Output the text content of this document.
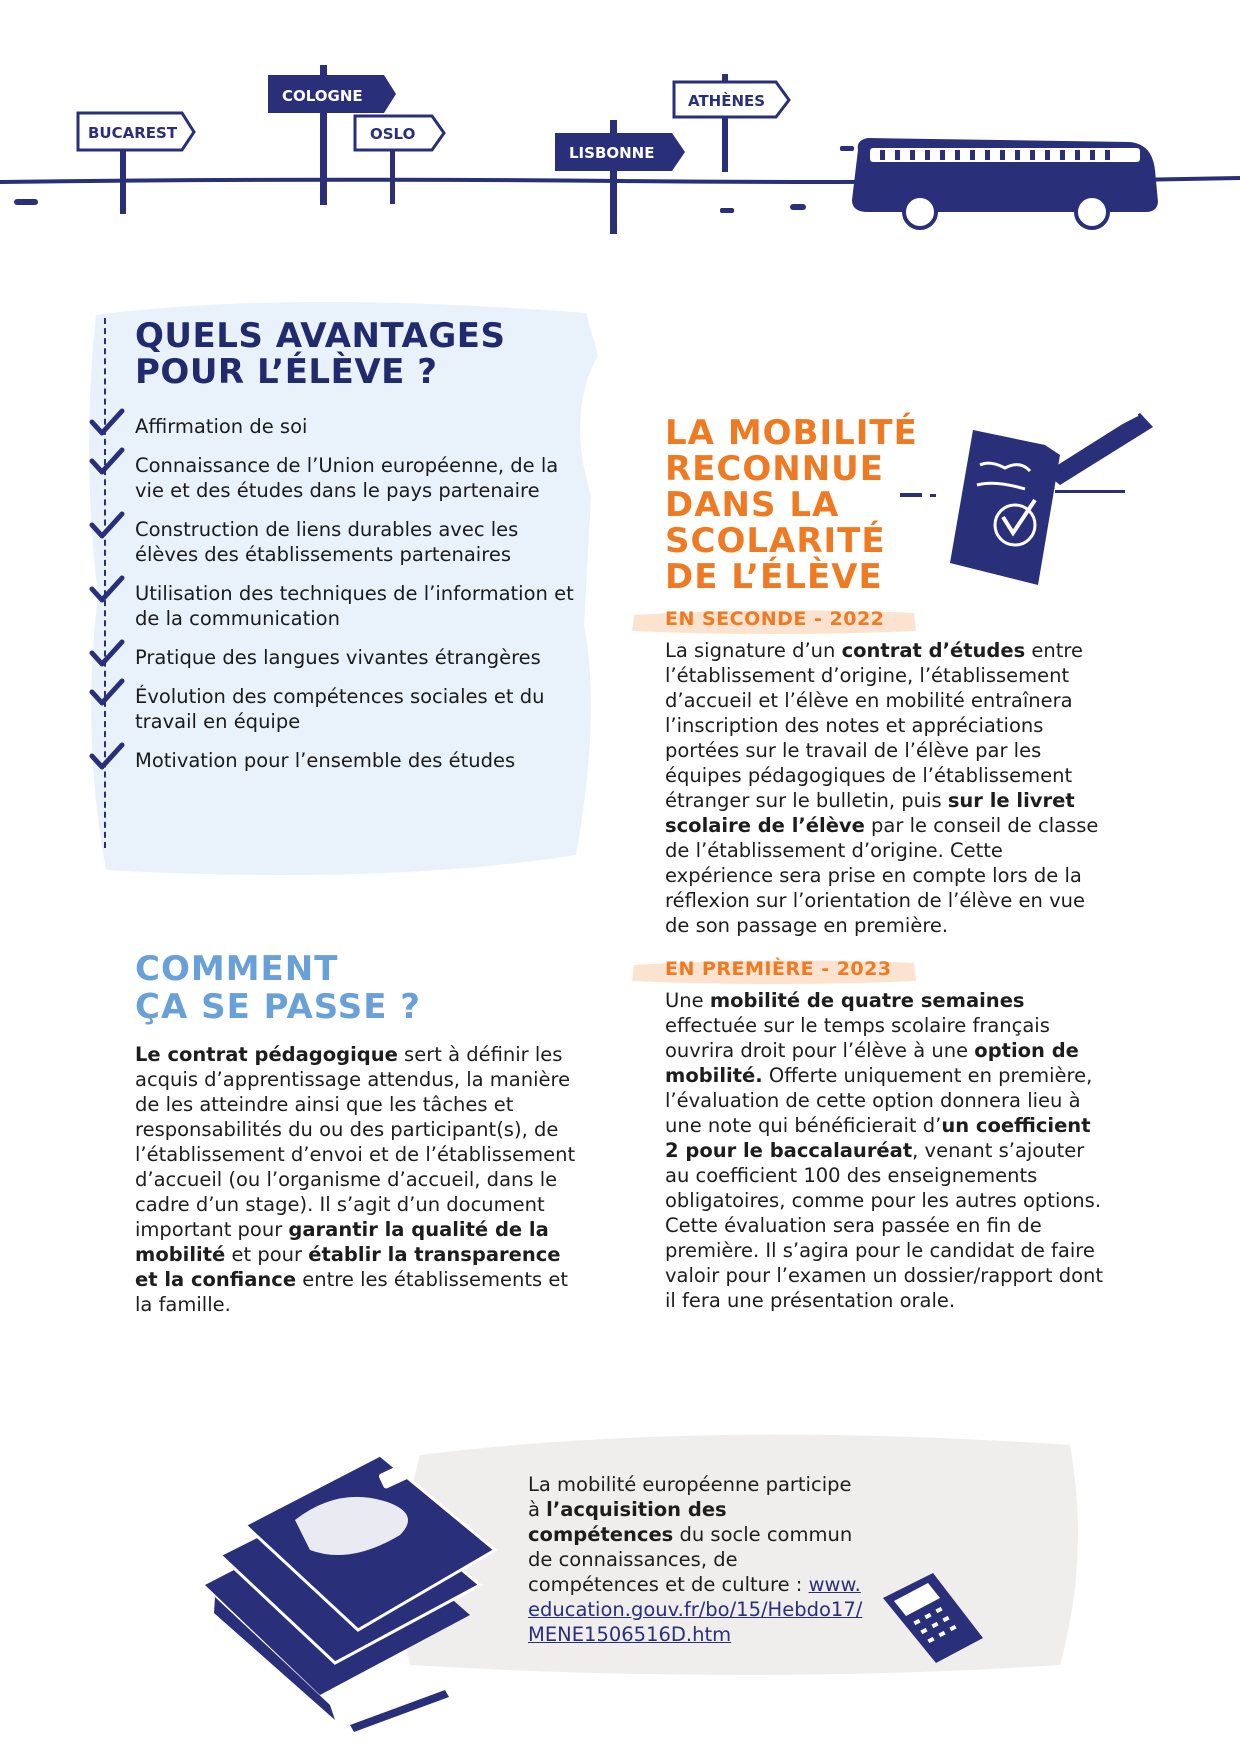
BUCAREST
COLOGNE
OSLO
LISBONNE
ATHÈNES
QUELS AVANTAGES
POUR L’ÉLÈVE ?
Affirmation de soi
Connaissance de l’Union européenne, de la vie et des études dans le pays partenaire
Construction de liens durables avec les élèves des établissements partenaires
Utilisation des techniques de l’information et de la communication
Pratique des langues vivantes étrangères
Évolution des compétences sociales et du travail en équipe
Motivation pour l’ensemble des études
COMMENT
ÇA SE PASSE ?

Le contrat pédagogique sert à définir les acquis d’apprentissage attendus, la manière de les atteindre ainsi que les tâches et responsabilités du ou des participant(s), de l’établissement d’envoi et de l’établissement d’accueil (ou l’organisme d’accueil, dans le cadre d’un stage). Il s’agit d’un document important pour garantir la qualité de la mobilité et pour établir la transparence et la confiance entre les établissements et la famille.

LA MOBILITÉ
RECONNUE
DANS LA
SCOLARITÉ
DE L’ÉLÈVE
EN SECONDE - 2022

La signature d’un contrat d’études entre l’établissement d’origine, l’établissement d’accueil et l’élève en mobilité entraînera l’inscription des notes et appréciations portées sur le travail de l’élève par les équipes pédagogiques de l’établissement étranger sur le bulletin, puis sur le livret scolaire de l’élève par le conseil de classe de l’établissement d’origine. Cette expérience sera prise en compte lors de la réflexion sur l’orientation de l’élève en vue de son passage en première.

EN PREMIÈRE - 2023

Une mobilité de quatre semaines effectuée sur le temps scolaire français ouvrira droit pour l’élève à une option de mobilité. Offerte uniquement en première, l’évaluation de cette option donnera lieu à une note qui bénéficierait d’un coefficient 2 pour le baccalauréat, venant s’ajouter au coefficient 100 des enseignements obligatoires, comme pour les autres options. Cette évaluation sera passée en fin de première. Il s’agira pour le candidat de faire valoir pour l’examen un dossier/rapport dont il fera une présentation orale.

La mobilité européenne participe à l’acquisition des compétences du socle commun de connaissances, de compétences et de culture : www.education.gouv.fr/bo/15/Hebdo17/MENE1506516D.htm
